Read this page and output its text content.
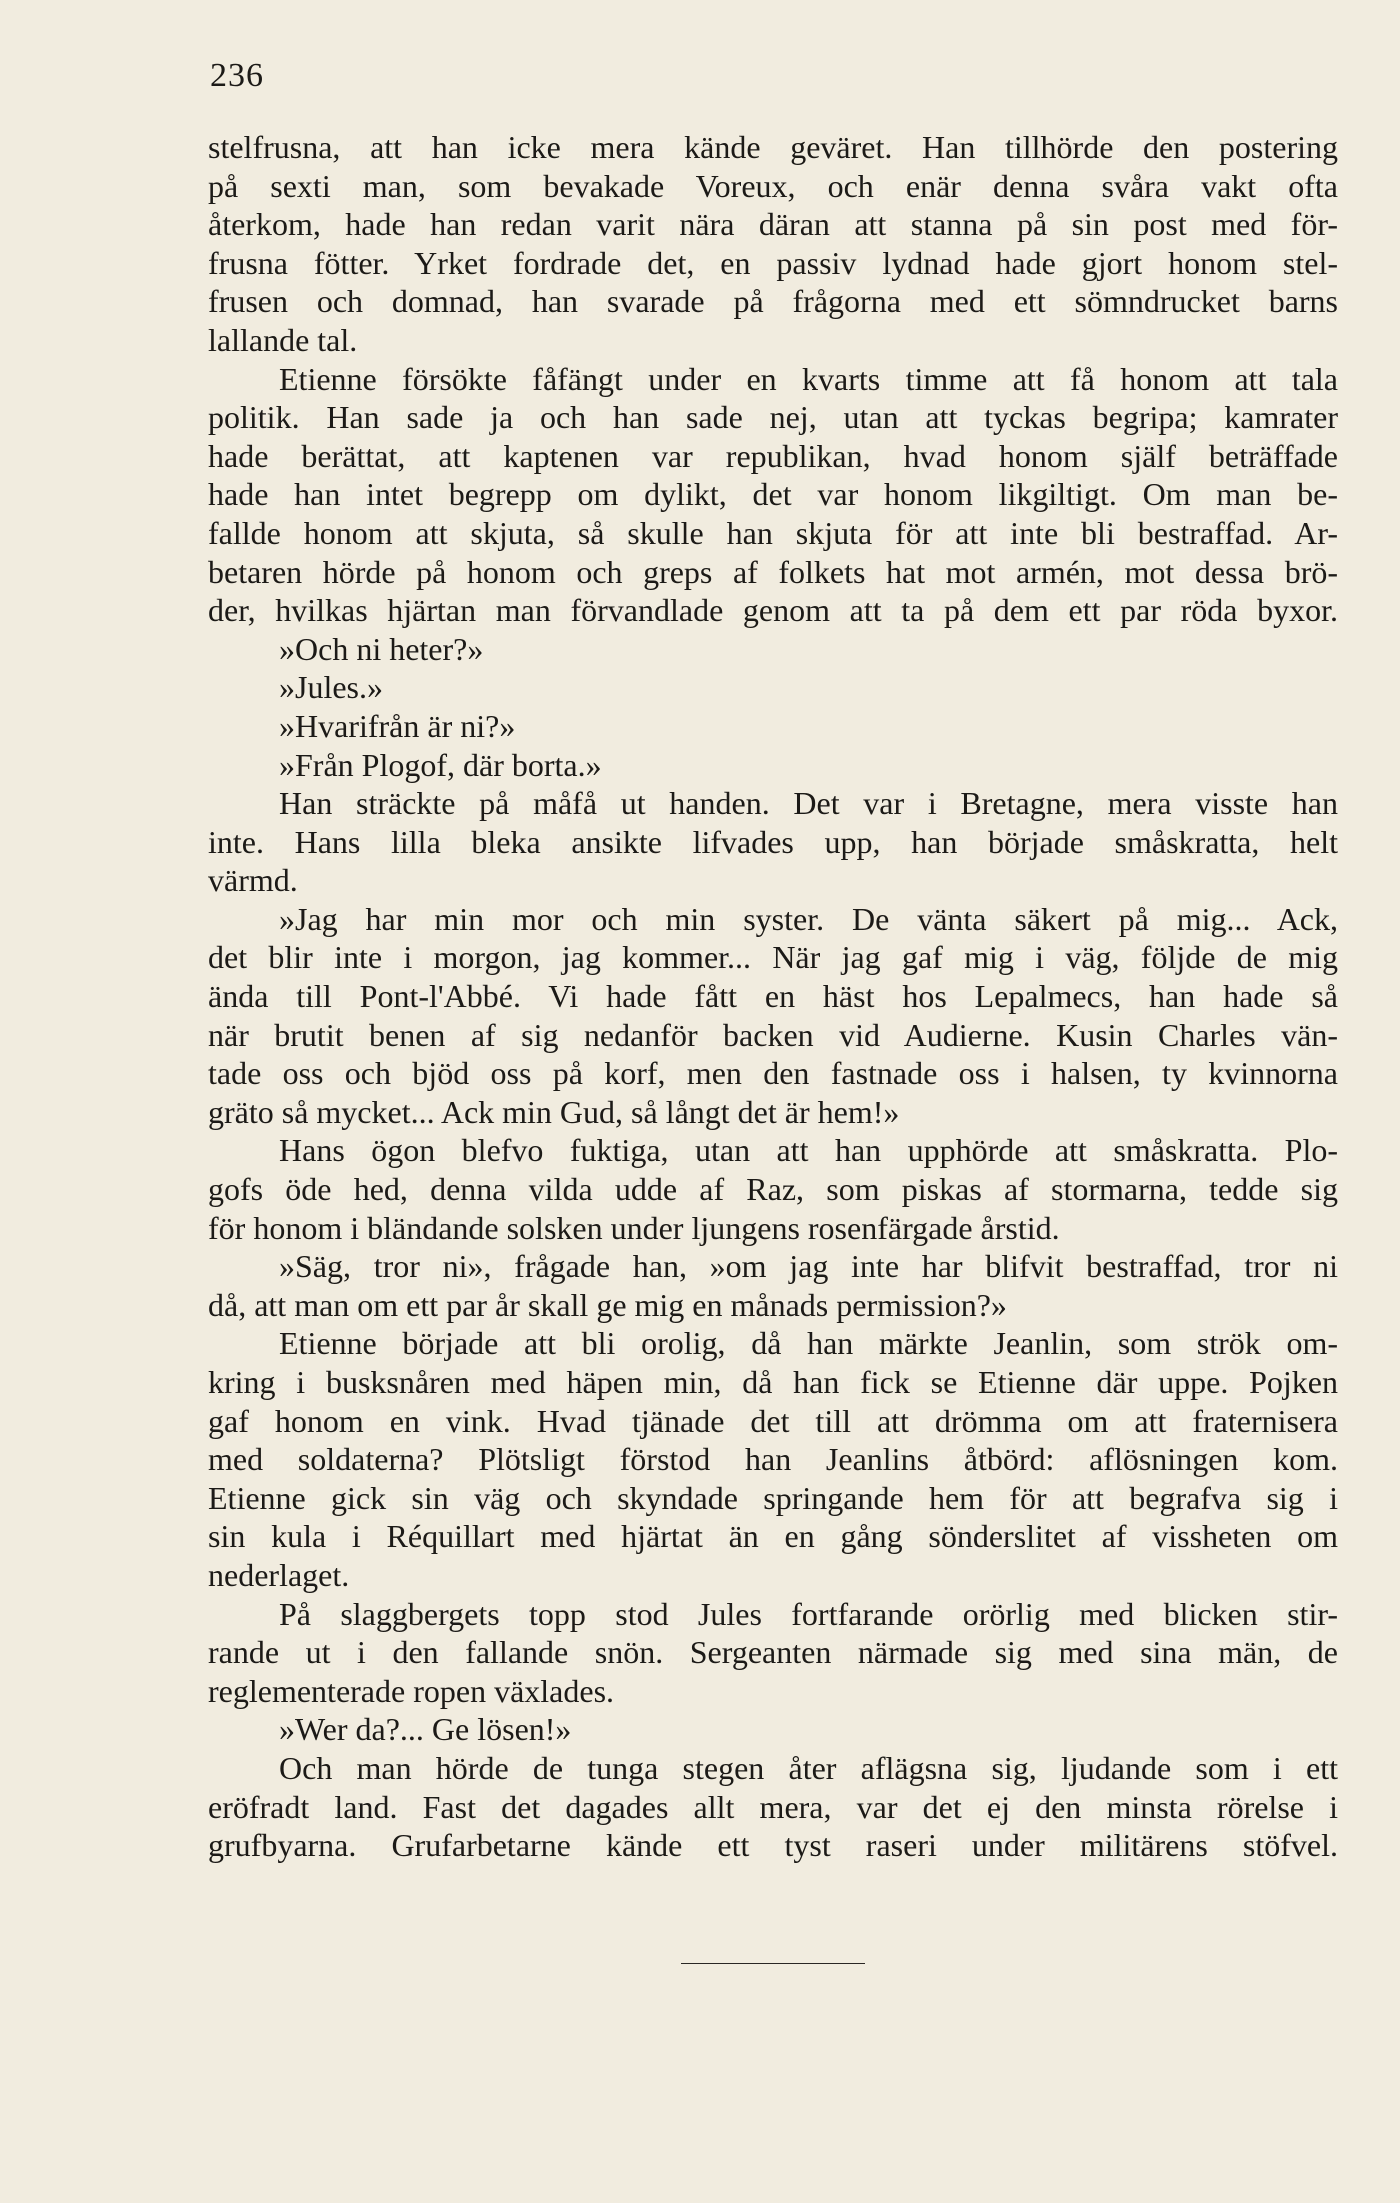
236
stelfrusna, att han icke mera kände geväret. Han tillhörde den postering
på sexti man, som bevakade Voreux, och enär denna svåra vakt ofta
återkom, hade han redan varit nära däran att stanna på sin post med för-
frusna fötter. Yrket fordrade det, en passiv lydnad hade gjort honom stel-
frusen och domnad, han svarade på frågorna med ett sömndrucket barns
lallande tal.
Etienne försökte fåfängt under en kvarts timme att få honom att tala
politik. Han sade ja och han sade nej, utan att tyckas begripa; kamrater
hade berättat, att kaptenen var republikan, hvad honom själf beträffade
hade han intet begrepp om dylikt, det var honom likgiltigt. Om man be-
fallde honom att skjuta, så skulle han skjuta för att inte bli bestraffad. Ar-
betaren hörde på honom och greps af folkets hat mot armén, mot dessa brö-
der, hvilkas hjärtan man förvandlade genom att ta på dem ett par röda byxor.
»Och ni heter?»
»Jules.»
»Hvarifrån är ni?»
»Från Plogof, där borta.»
Han sträckte på måfå ut handen. Det var i Bretagne, mera visste han
inte. Hans lilla bleka ansikte lifvades upp, han började småskratta, helt
värmd.
»Jag har min mor och min syster. De vänta säkert på mig... Ack,
det blir inte i morgon, jag kommer... När jag gaf mig i väg, följde de mig
ända till Pont-l'Abbé. Vi hade fått en häst hos Lepalmecs, han hade så
när brutit benen af sig nedanför backen vid Audierne. Kusin Charles vän-
tade oss och bjöd oss på korf, men den fastnade oss i halsen, ty kvinnorna
gräto så mycket... Ack min Gud, så långt det är hem!»
Hans ögon blefvo fuktiga, utan att han upphörde att småskratta. Plo-
gofs öde hed, denna vilda udde af Raz, som piskas af stormarna, tedde sig
för honom i bländande solsken under ljungens rosenfärgade årstid.
»Säg, tror ni», frågade han, »om jag inte har blifvit bestraffad, tror ni
då, att man om ett par år skall ge mig en månads permission?»
Etienne började att bli orolig, då han märkte Jeanlin, som strök om-
kring i busksnåren med häpen min, då han fick se Etienne där uppe. Pojken
gaf honom en vink. Hvad tjänade det till att drömma om att fraternisera
med soldaterna? Plötsligt förstod han Jeanlins åtbörd: aflösningen kom.
Etienne gick sin väg och skyndade springande hem för att begrafva sig i
sin kula i Réquillart med hjärtat än en gång sönderslitet af vissheten om
nederlaget.
På slaggbergets topp stod Jules fortfarande orörlig med blicken stir-
rande ut i den fallande snön. Sergeanten närmade sig med sina män, de
reglementerade ropen växlades.
»Wer da?... Ge lösen!»
Och man hörde de tunga stegen åter aflägsna sig, ljudande som i ett
eröfradt land. Fast det dagades allt mera, var det ej den minsta rörelse i
grufbyarna. Grufarbetarne kände ett tyst raseri under militärens stöfvel.
